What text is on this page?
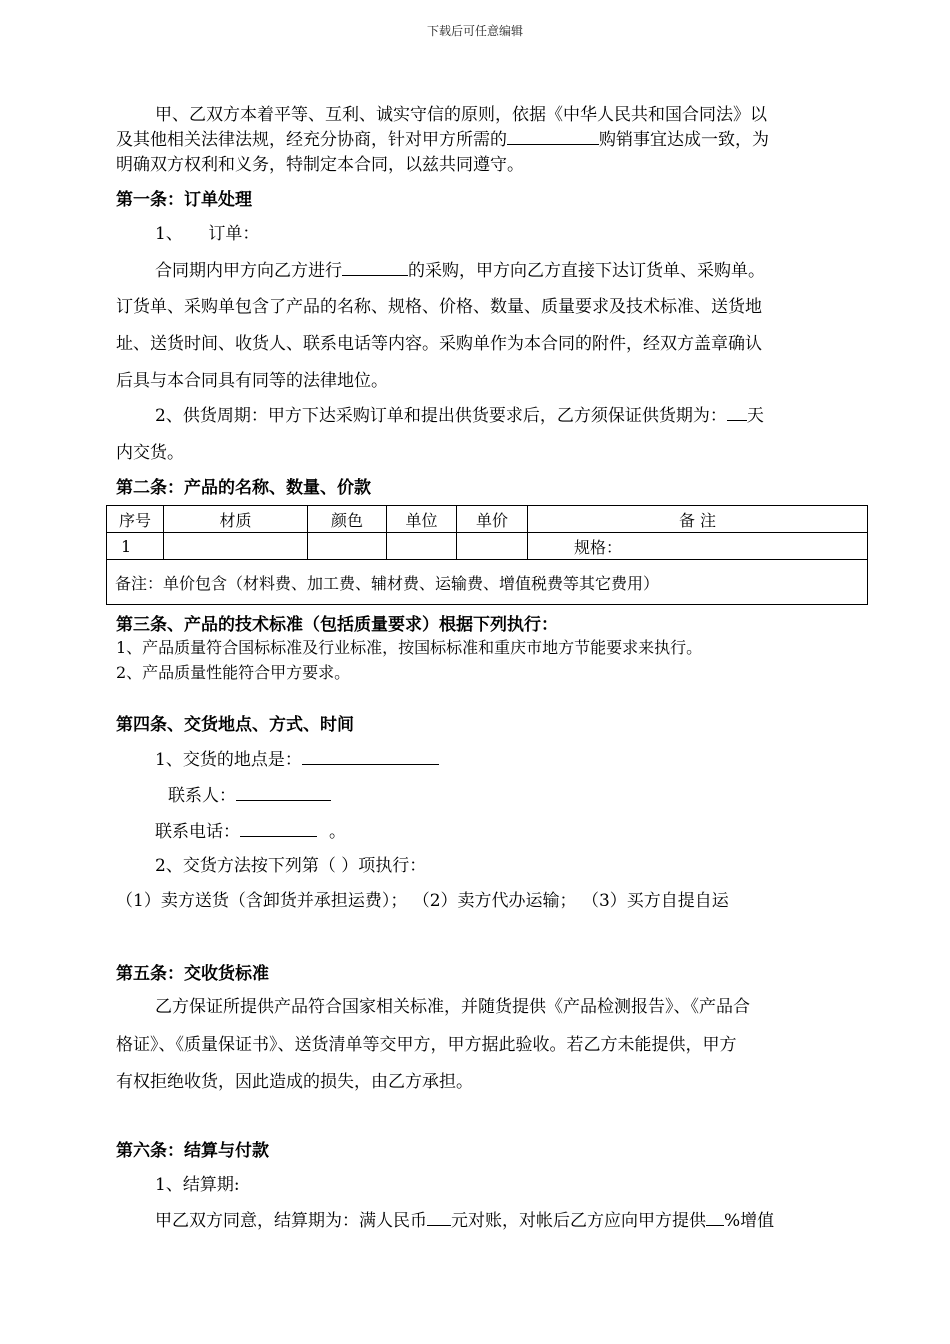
下载后可任意编辑
甲、乙双方本着平等、互利、诚实守信的原则，依据《中华人民共和国合同法》以
及其他相关法律法规，经充分协商，针对甲方所需的	购销事宜达成一致，为
明确双方权利和义务，特制定本合同，以兹共同遵守。
第一条：订单处理
1、　　订单：
合同期内甲方向乙方进行	的采购，甲方向乙方直接下达订货单、采购单。
订货单、采购单包含了产品的名称、规格、价格、数量、质量要求及技术标准、送货地
址、送货时间、收货人、联系电话等内容。采购单作为本合同的附件，经双方盖章确认
后具与本合同具有同等的法律地位。
2、供货周期：甲方下达采购订单和提出供货要求后，乙方须保证供货期为： 天
内交货。
第二条：产品的名称、数量、价款
序号	材质	颜色	单位	单价	备 注
1					规格：
备注：单价包含（材料费、加工费、辅材费、运输费、增值税费等其它费用）					
第三条、产品的技术标准（包括质量要求）根据下列执行：
1、产品质量符合国标标准及行业标准，按国标标准和重庆市地方节能要求来执行。
2、产品质量性能符合甲方要求。
第四条、交货地点、方式、时间
1、交货的地点是：
联系人：
联系电话：	。
2、交货方法按下列第（ ）项执行：
（1）卖方送货（含卸货并承担运费）； （2）卖方代办运输； （3）买方自提自运
第五条：交收货标准
乙方保证所提供产品符合国家相关标准，并随货提供《产品检测报告》、《产品合
格证》、《质量保证书》、送货清单等交甲方，甲方据此验收。若乙方未能提供，甲方
有权拒绝收货，因此造成的损失，由乙方承担。
第六条：结算与付款
1、结算期:
甲乙双方同意，结算期为：满人民币 元对账，对帐后乙方应向甲方提供 %增值
